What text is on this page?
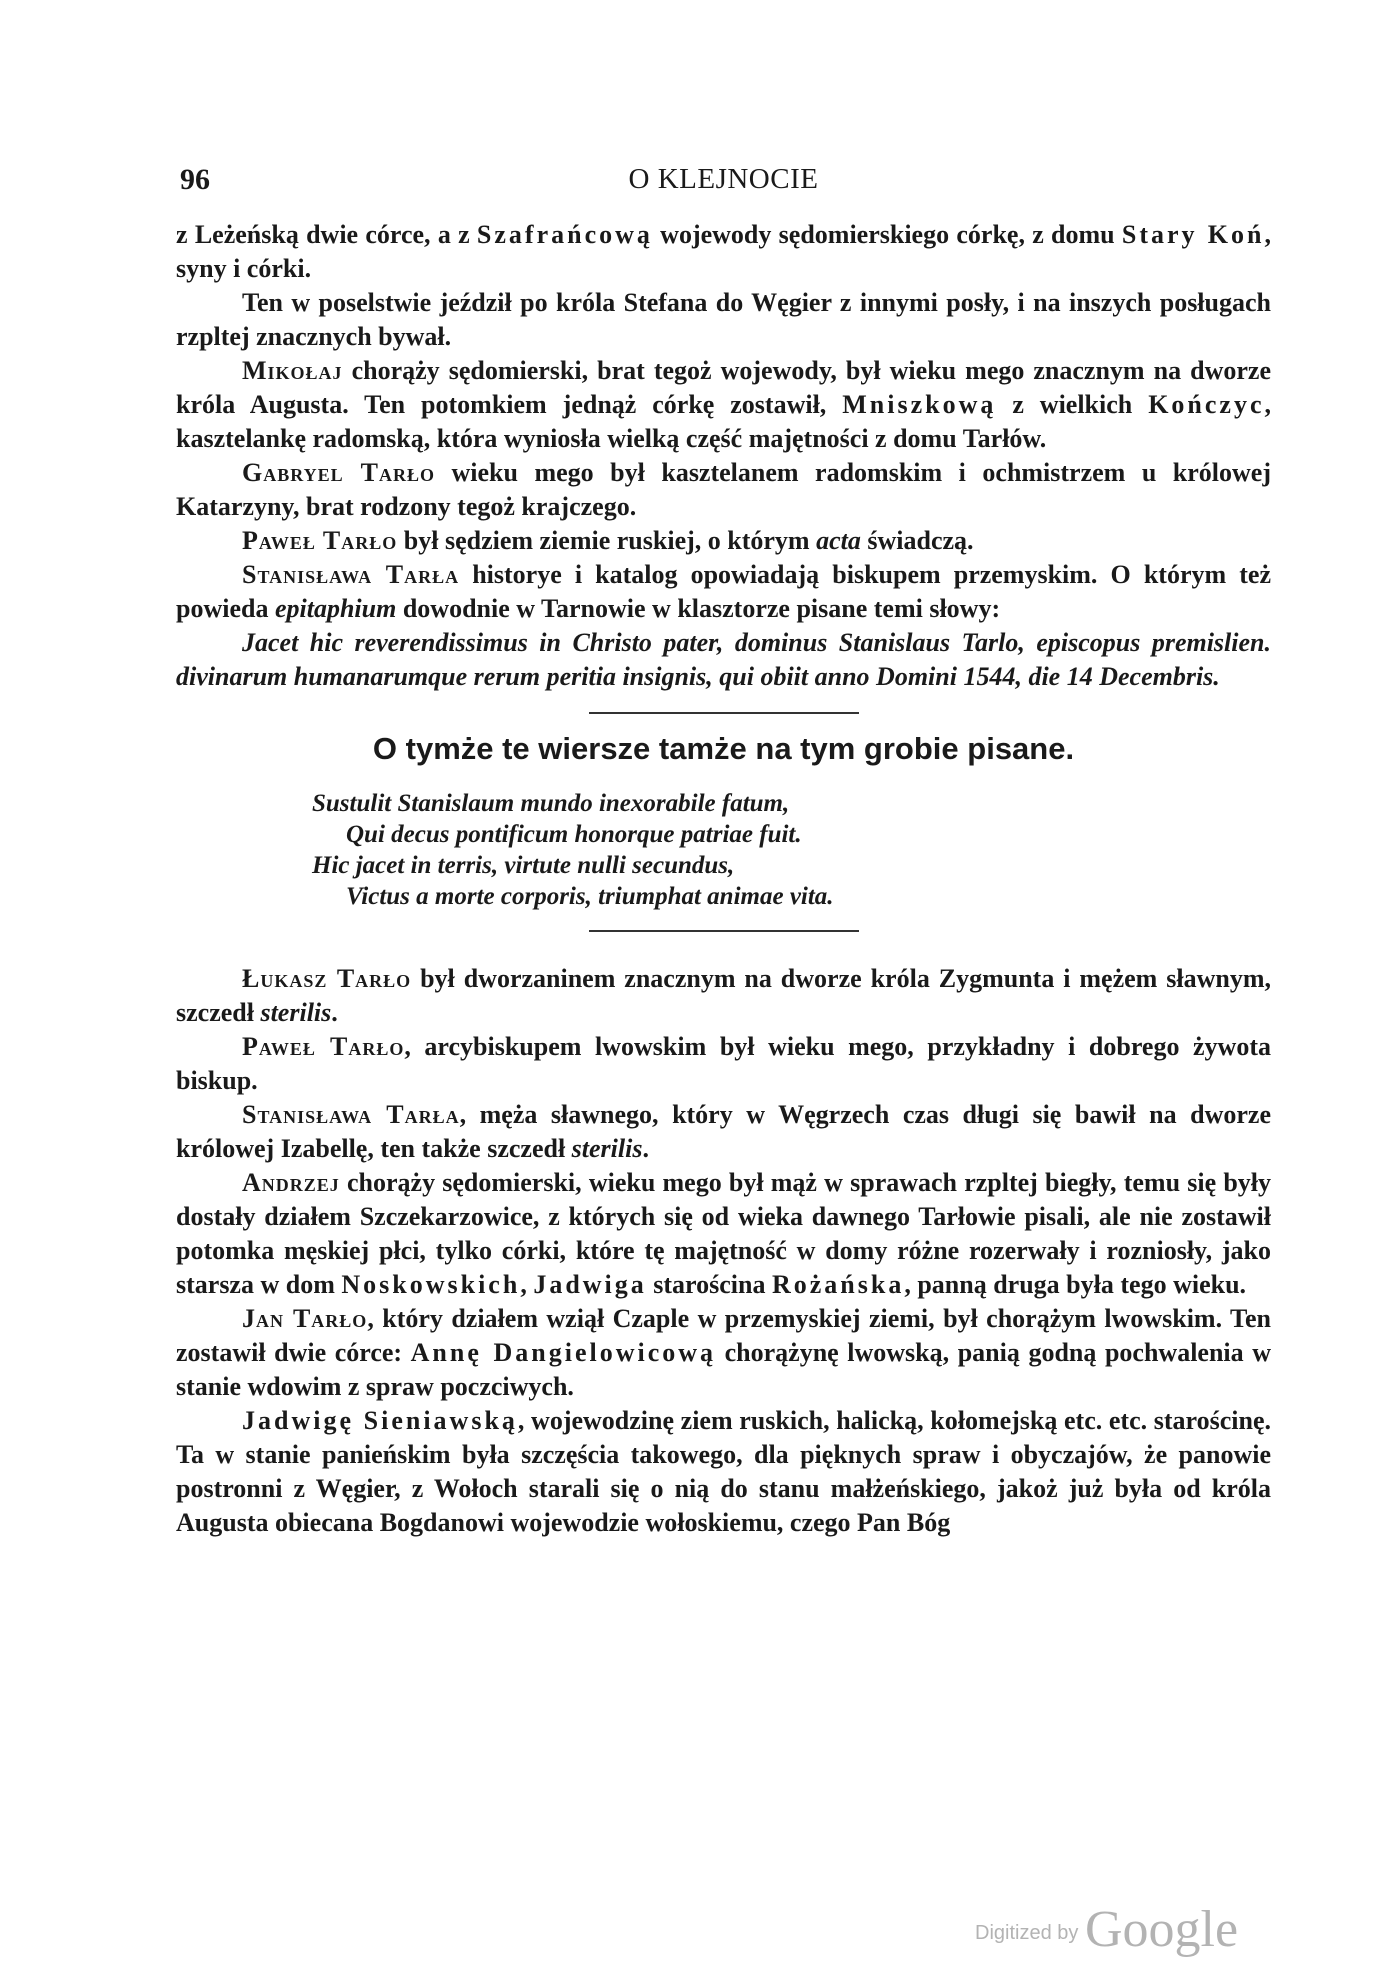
96	O KLEJNOCIE

z Leżeńską dwie córce, a z Szafrańcową wojewody sędomierskiego córkę, z domu Stary Koń, syny i córki.

Ten w poselstwie jeździł po króla Stefana do Węgier z innymi posły, i na inszych posługach rzpltej znacznych bywał.

Mikołaj chorąży sędomierski, brat tegoż wojewody, był wieku mego znacznym na dworze króla Augusta. Ten potomkiem jednąż córkę zostawił, Mniszkową z wielkich Kończyc, kasztelankę radomską, która wyniosła wielką część majętności z domu Tarłów.

Gabryel Tarło wieku mego był kasztelanem radomskim i ochmistrzem u królowej Katarzyny, brat rodzony tegoż krajczego.

Paweł Tarło był sędziem ziemie ruskiej, o którym acta świadczą.

Stanisława Tarła historye i katalog opowiadają biskupem przemyskim. O którym też powieda epitaphium dowodnie w Tarnowie w klasztorze pisane temi słowy:

Jacet hic reverendissimus in Christo pater, dominus Stanislaus Tarlo, episcopus premislien. divinarum humanarumque rerum peritia insignis, qui obiit anno Domini 1544, die 14 Decembris.

O tymże te wiersze tamże na tym grobie pisane.
Sustulit Stanislaum mundo inexorabile fatum,
Qui decus pontificum honorque patriae fuit.
Hic jacet in terris, virtute nulli secundus,
Victus a morte corporis, triumphat animae vita.

Łukasz Tarło był dworzaninem znacznym na dworze króla Zygmunta i mężem sławnym, szczedł sterilis.

Paweł Tarło, arcybiskupem lwowskim był wieku mego, przykładny i dobrego żywota biskup.

Stanisława Tarła, męża sławnego, który w Węgrzech czas długi się bawił na dworze królowej Izabellę, ten także szczedł sterilis.

Andrzej chorąży sędomierski, wieku mego był mąż w sprawach rzpltej biegły, temu się były dostały działem Szczekarzowice, z których się od wieka dawnego Tarłowie pisali, ale nie zostawił potomka męskiej płci, tylko córki, które tę majętność w domy różne rozerwały i rozniosły, jako starsza w dom Noskowskich, Jadwiga starościna Rożańska, panną druga była tego wieku.

Jan Tarło, który działem wziął Czaple w przemyskiej ziemi, był chorążym lwowskim. Ten zostawił dwie córce: Annę Dangielowicową chorążynę lwowską, panią godną pochwalenia w stanie wdowim z spraw poczciwych.

Jadwigę Sieniawską, wojewodzinę ziem ruskich, halicką, kołomejską etc. etc. starościnę. Ta w stanie panieńskim była szczęścia takowego, dla pięknych spraw i obyczajów, że panowie postronni z Węgier, z Wołoch starali się o nią do stanu małżeńskiego, jakoż już była od króla Augusta obiecana Bogdanowi wojewodzie wołoskiemu, czego Pan Bóg

Digitized by Google
